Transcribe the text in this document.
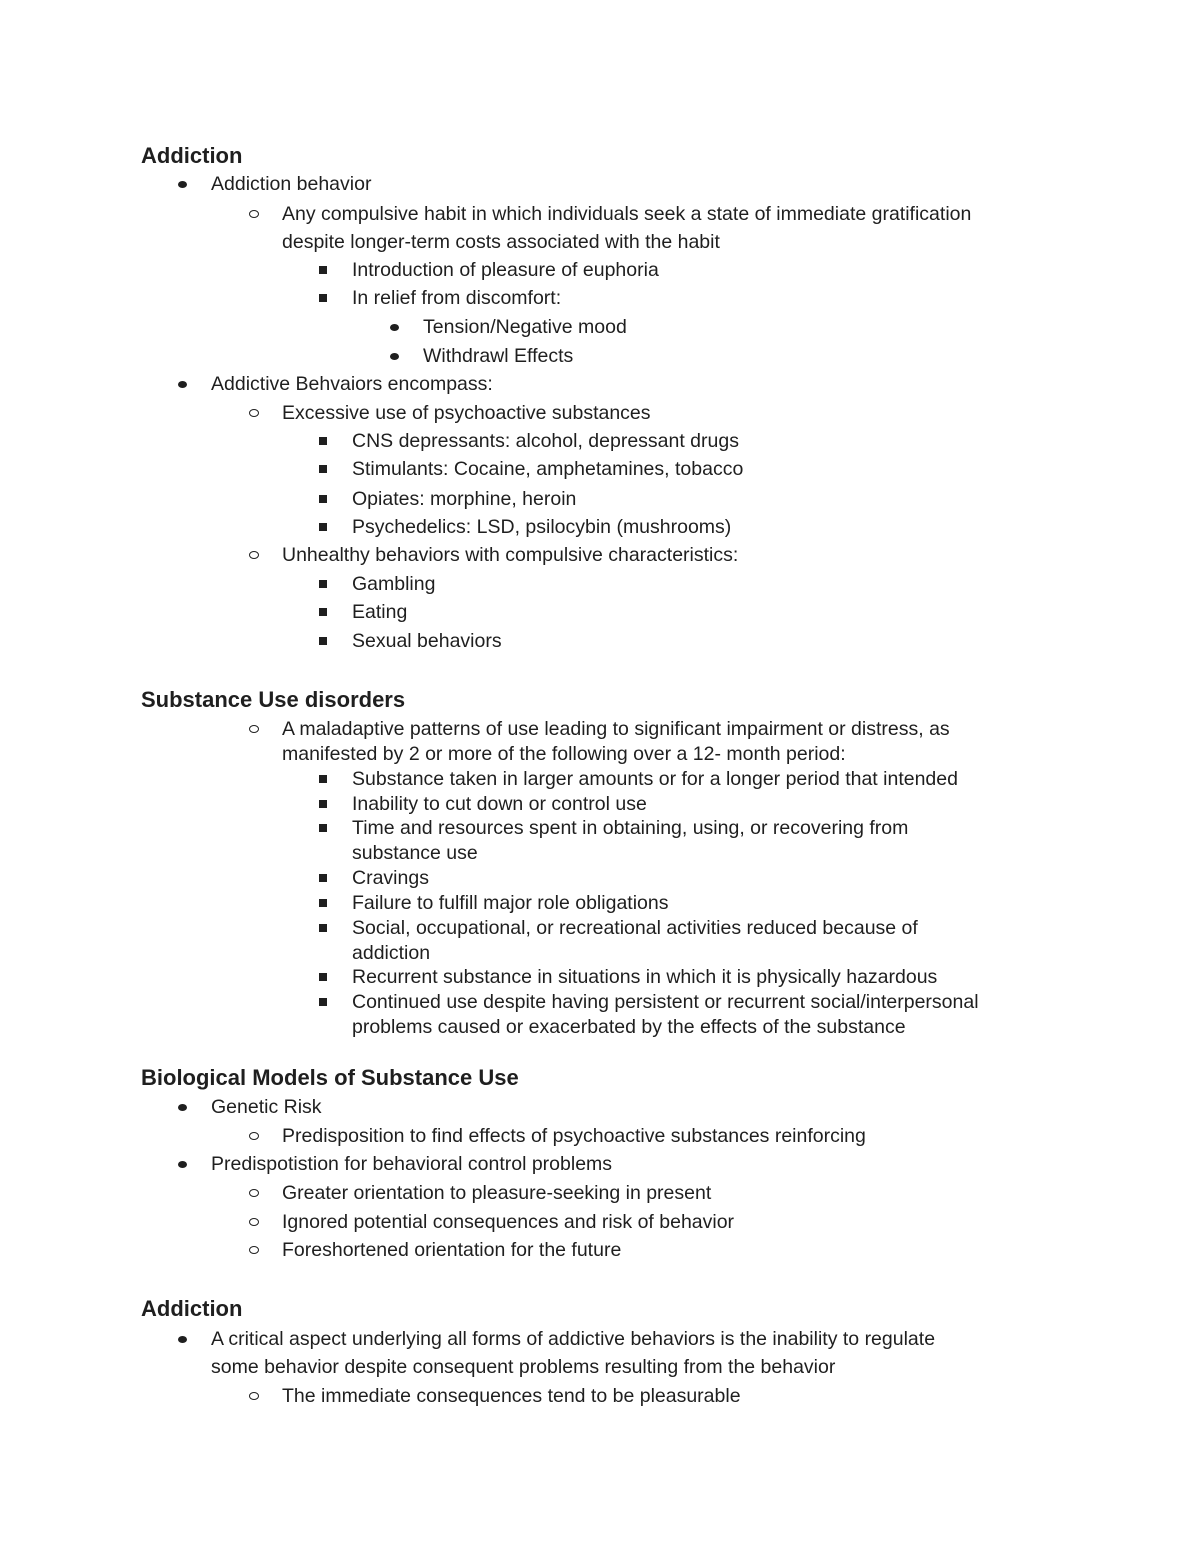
Addiction
Addiction behavior
Any compulsive habit in which individuals seek a state of immediate gratification
despite longer-term costs associated with the habit
Introduction of pleasure of euphoria
In relief from discomfort:
Tension/Negative mood
Withdrawl Effects
Addictive Behvaiors encompass:
Excessive use of psychoactive substances
CNS depressants: alcohol, depressant drugs
Stimulants: Cocaine, amphetamines, tobacco
Opiates: morphine, heroin
Psychedelics: LSD, psilocybin (mushrooms)
Unhealthy behaviors with compulsive characteristics:
Gambling
Eating
Sexual behaviors
Substance Use disorders
A maladaptive patterns of use leading to significant impairment or distress, as
manifested by 2 or more of the following over a 12- month period:
Substance taken in larger amounts or for a longer period that intended
Inability to cut down or control use
Time and resources spent in obtaining, using, or recovering from
substance use
Cravings
Failure to fulfill major role obligations
Social, occupational, or recreational activities reduced because of
addiction
Recurrent substance in situations in which it is physically hazardous
Continued use despite having persistent or recurrent social/interpersonal
problems caused or exacerbated by the effects of the substance
Biological Models of Substance Use
Genetic Risk
Predisposition to find effects of psychoactive substances reinforcing
Predispotistion for behavioral control problems
Greater orientation to pleasure-seeking in present
Ignored potential consequences and risk of behavior
Foreshortened orientation for the future
Addiction
A critical aspect underlying all forms of addictive behaviors is the inability to regulate
some behavior despite consequent problems resulting from the behavior
The immediate consequences tend to be pleasurable
